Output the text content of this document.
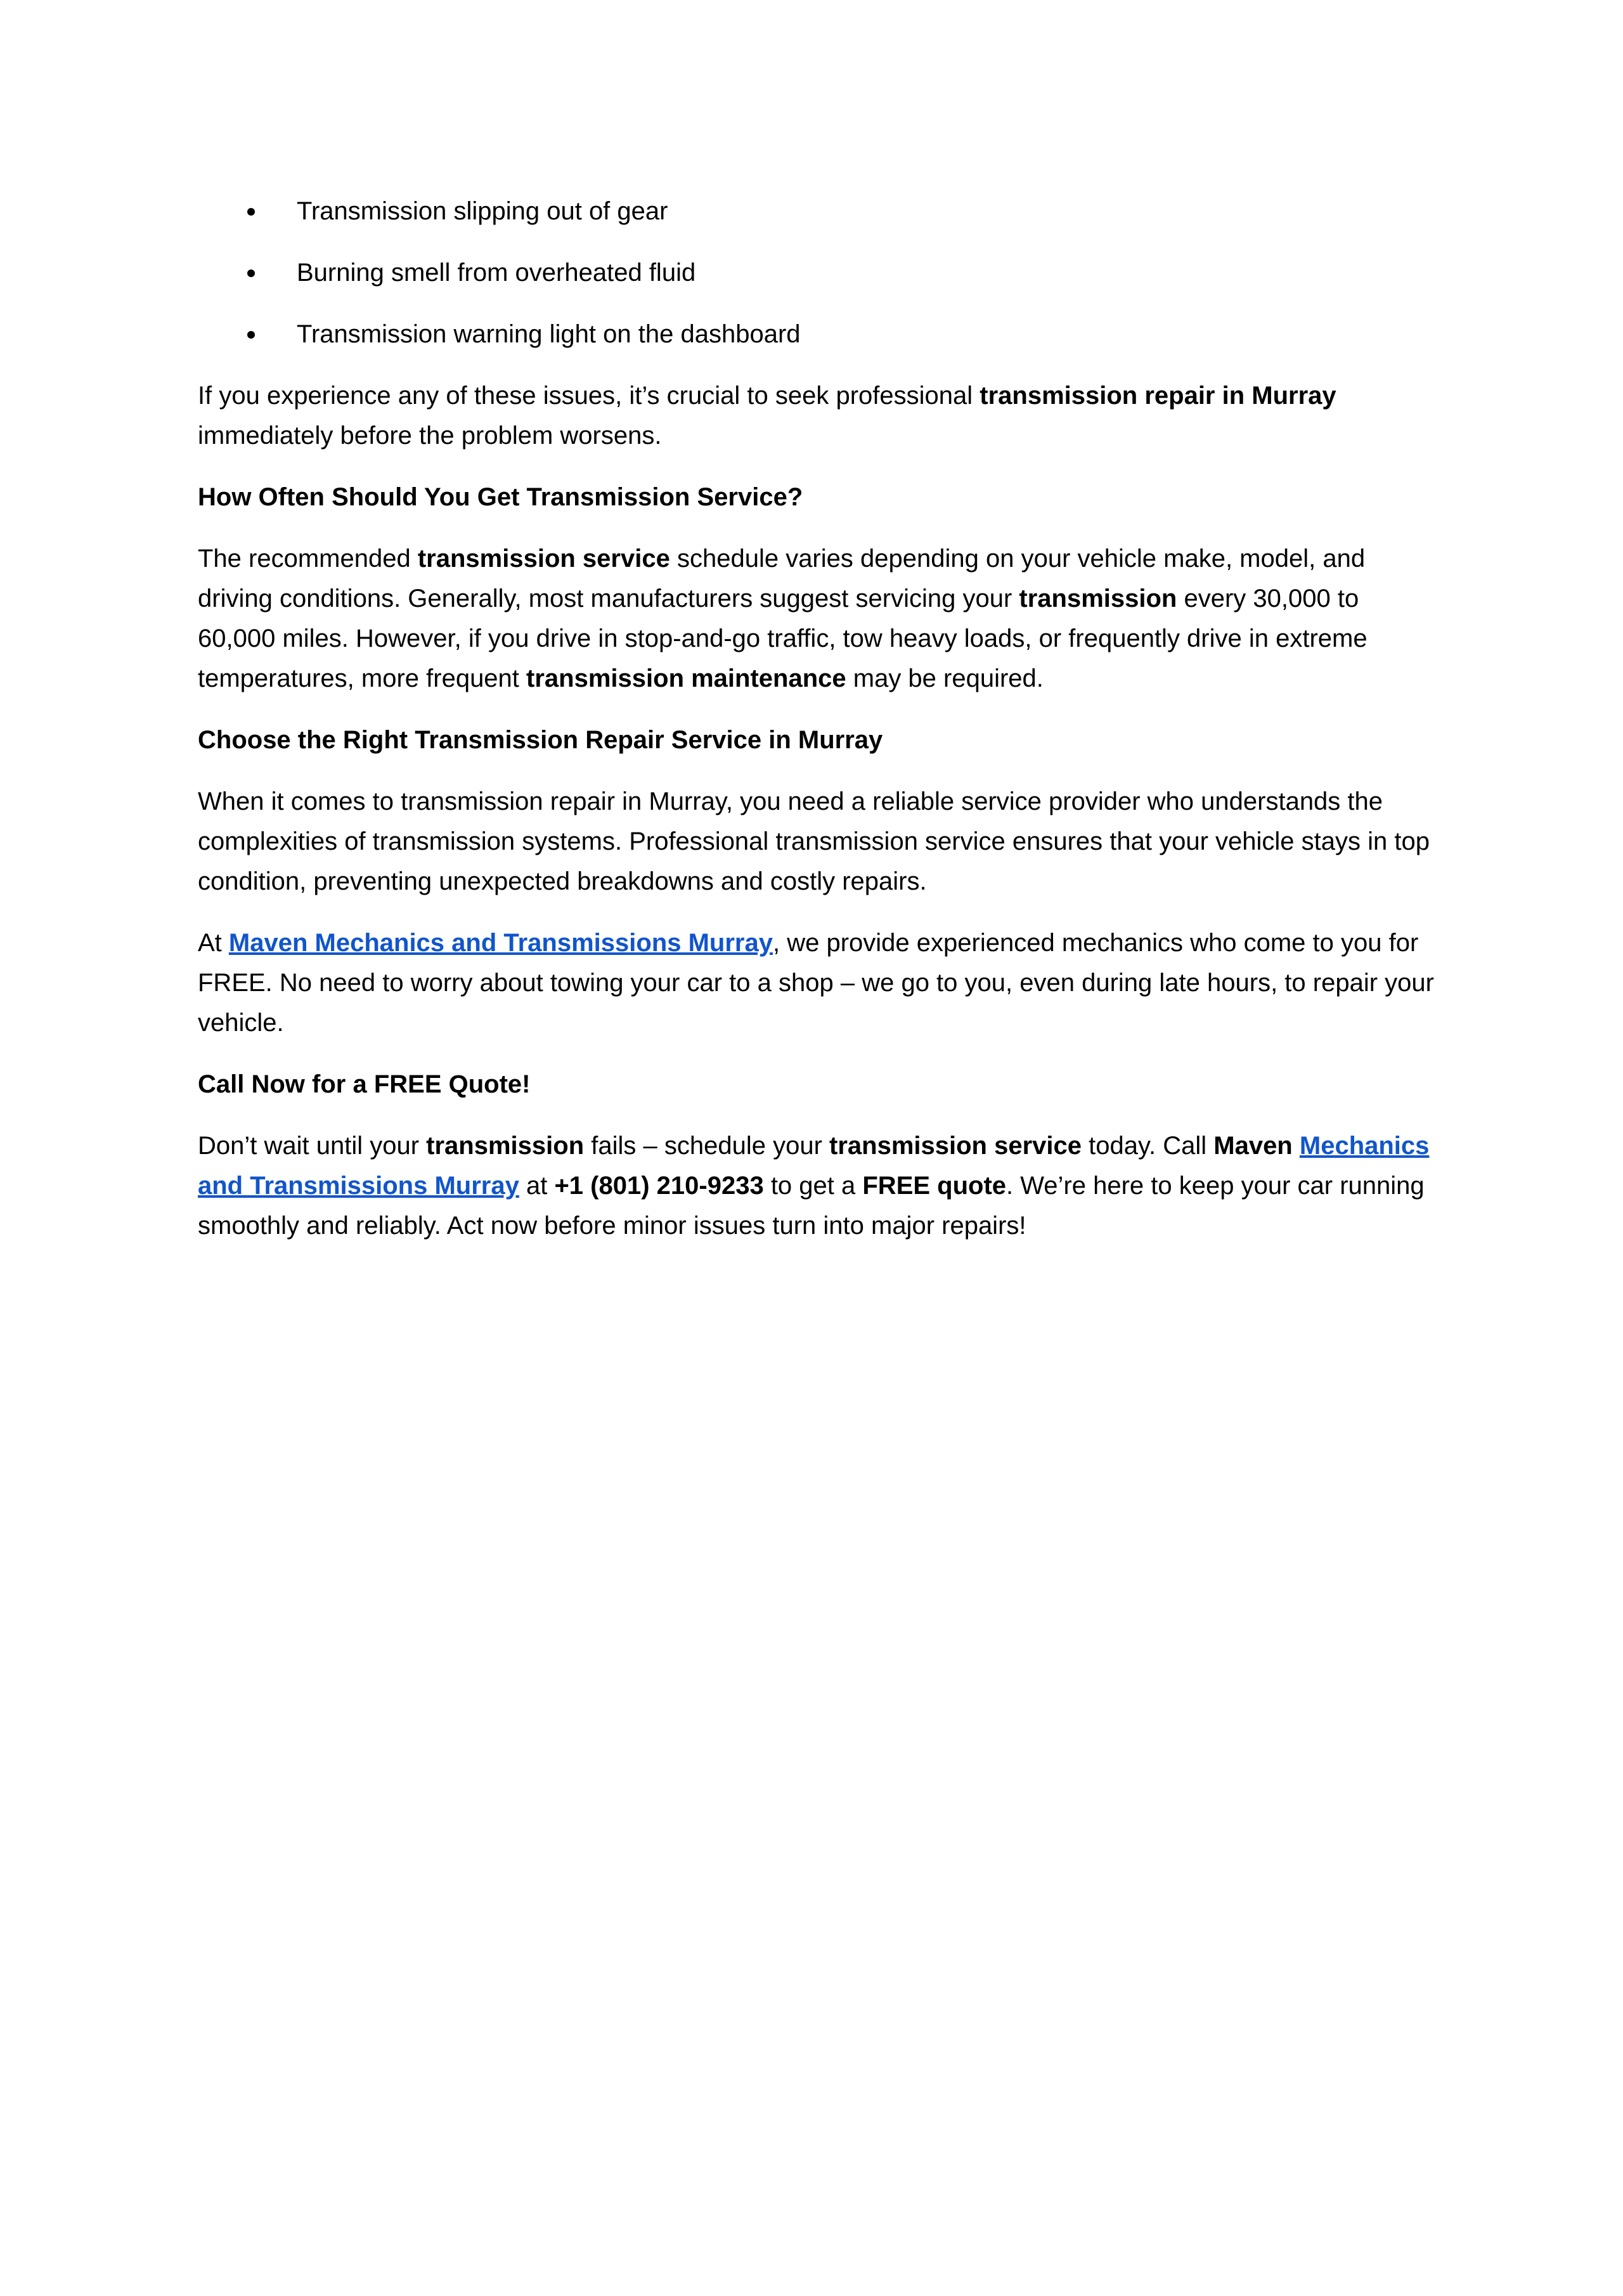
Transmission slipping out of gear
Burning smell from overheated fluid
Transmission warning light on the dashboard

If you experience any of these issues, it’s crucial to seek professional transmission repair in Murray immediately before the problem worsens.

How Often Should You Get Transmission Service?

The recommended transmission service schedule varies depending on your vehicle make, model, and driving conditions. Generally, most manufacturers suggest servicing your transmission every 30,000 to 60,000 miles. However, if you drive in stop-and-go traffic, tow heavy loads, or frequently drive in extreme temperatures, more frequent transmission maintenance may be required.

Choose the Right Transmission Repair Service in Murray

When it comes to transmission repair in Murray, you need a reliable service provider who understands the complexities of transmission systems. Professional transmission service ensures that your vehicle stays in top condition, preventing unexpected breakdowns and costly repairs.

At Maven Mechanics and Transmissions Murray, we provide experienced mechanics who come to you for FREE. No need to worry about towing your car to a shop – we go to you, even during late hours, to repair your vehicle.

Call Now for a FREE Quote!

Don’t wait until your transmission fails – schedule your transmission service today. Call Maven Mechanics and Transmissions Murray at +1 (801) 210-9233 to get a FREE quote. We’re here to keep your car running smoothly and reliably. Act now before minor issues turn into major repairs!
